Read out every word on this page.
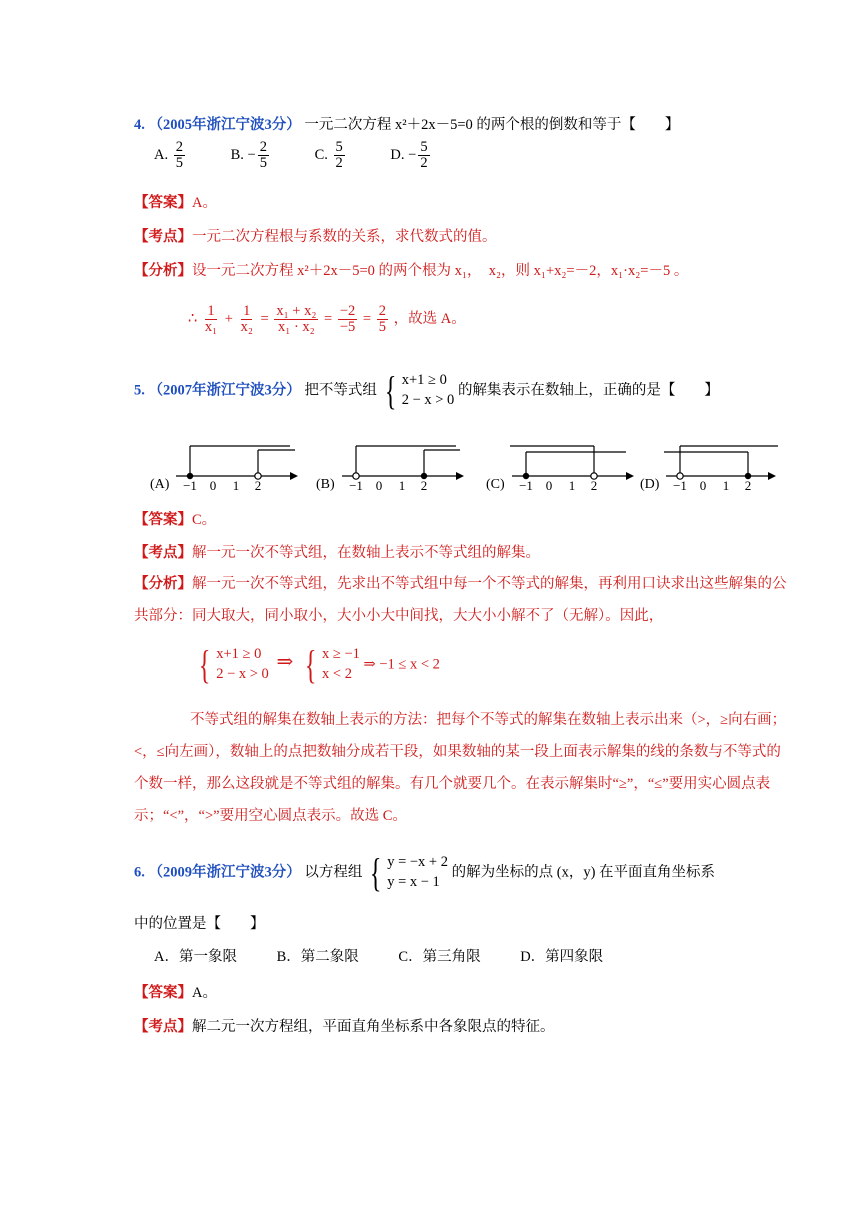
4. （2005年浙江宁波3分） 一元二次方程 x²＋2x－5=0 的两个根的倒数和等于【　　】
A. $\frac{2}{5}$	B. − $\frac{2}{5}$	C. $\frac{5}{2}$	D. − $\frac{5}{2}$
【答案】A。
【考点】一元二次方程根与系数的关系，求代数式的值。
【分析】设一元二次方程 x²＋2x－5=0 的两个根为 x₁，　x₂，则 x₁+x₂=－2，x₁·x₂=－5 。
∴ $\frac{1}{\text{x₁}} + \frac{1}{\text{x₂}} = \frac{\text{x₁ + x₂}}{\text{x₁ · x₂}} = \frac{-2}{-5} = \frac{2}{5}$ ，故选 A。
5. （2007年浙江宁波3分） 把不等式组 { x+1 ≥ 0
2 − x > 0
的解集表示在数轴上，正确的是【　　】
(A) −1 0 1 2	(B) −1 0 1 2	(C) −1 0 1 2	(D) −1 0 1 2
【答案】C。
【考点】解一元一次不等式组，在数轴上表示不等式组的解集。
【分析】解一元一次不等式组，先求出不等式组中每一个不等式的解集，再利用口诀求出这些解集的公共部分：同大取大，同小取小，大小小大中间找，大大小小解不了（无解）。因此，
{ x+1 ≥ 0
2 − x > 0
⇒ { x ≥ −1
x < 2
⇒ −1 ≤ x < 2
不等式组的解集在数轴上表示的方法：把每个不等式的解集在数轴上表示出来（>，≥向右画；<，≤向左画），数轴上的点把数轴分成若干段，如果数轴的某一段上面表示解集的线的条数与不等式的个数一样，那么这段就是不等式组的解集。有几个就要几个。在表示解集时“≥”，“≤”要用实心圆点表示；“<”，“>”要用空心圆点表示。故选 C。
6. （2009年浙江宁波3分） 以方程组 { y = −x + 2
y = x − 1
的解为坐标的点 (x，y) 在平面直角坐标系
中的位置是【　　】
A．第一象限	B．第二象限	C．第三角限	D．第四象限
【答案】A。
【考点】解二元一次方程组，平面直角坐标系中各象限点的特征。
